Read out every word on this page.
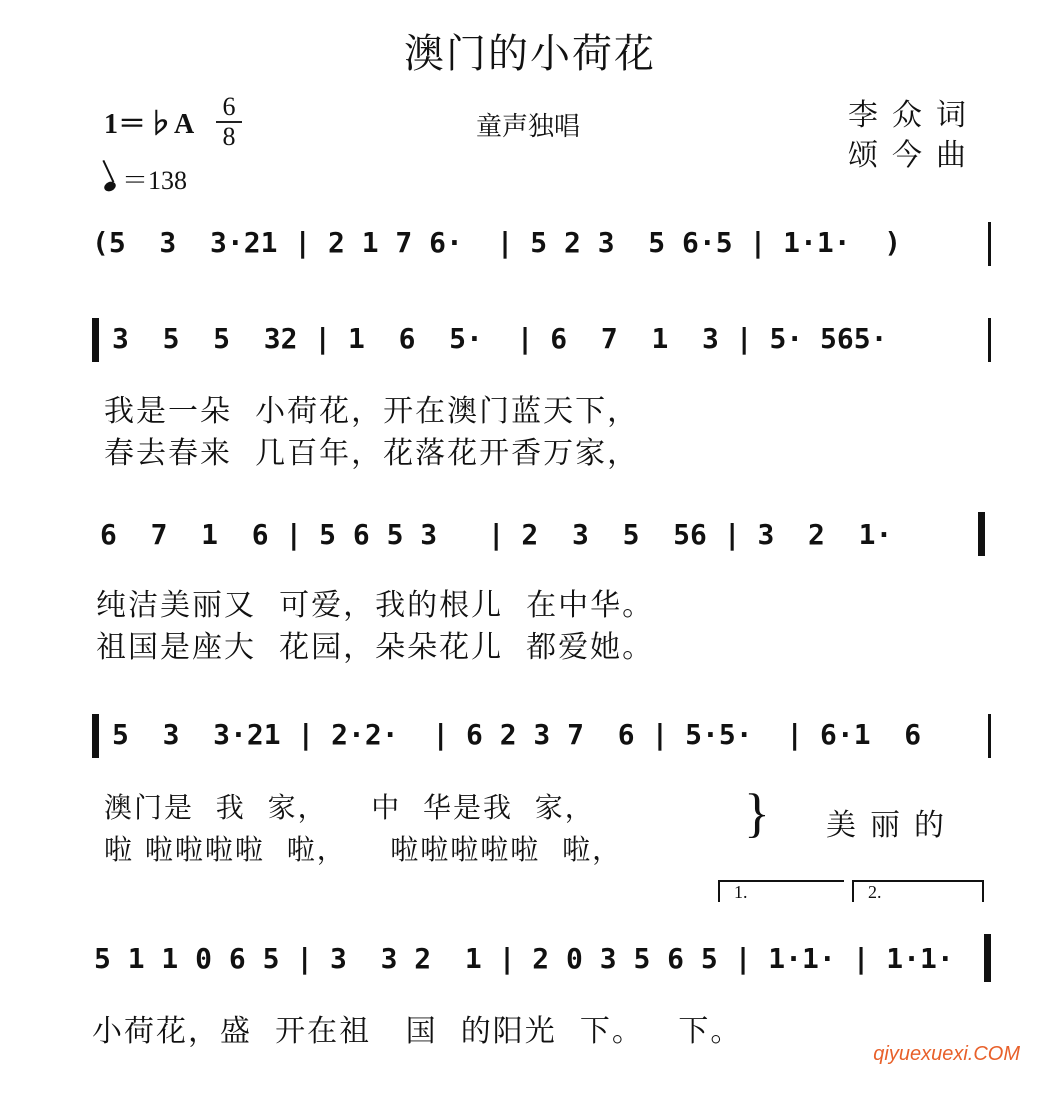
澳门的小荷花
1＝♭A
6
8	童声独唱	李众词
颂今曲
＝138
(5  3  3·21 | 2 1 7 6·  | 5 2 3  5 6·5 | 1·1·  )
3  5  5  32 | 1  6  5·  | 6  7  1  3 | 5· 565·
我是一朵  小荷花，开在澳门蓝天下，
春去春来  几百年，花落花开香万家，
6  7  1  6 | 5 6 5 3   | 2  3  5  56 | 3  2  1·
纯洁美丽又  可爱，我的根儿  在中华。
祖国是座大  花园，朵朵花儿  都爱她。
5  3  3·21 | 2·2·  | 6 2 3 7  6 | 5·5·  | 6·1  6
澳门是  我  家，    中  华是我  家，
啦 啦啦啦啦  啦，    啦啦啦啦啦  啦，
} 美丽的
1.	2.
5 1 1 0 6 5 | 3  3 2  1 | 2 0 3 5 6 5 | 1·1· | 1·1·
小荷花，盛  开在祖   国  的阳光  下。   下。
qiyuexuexi.COM
